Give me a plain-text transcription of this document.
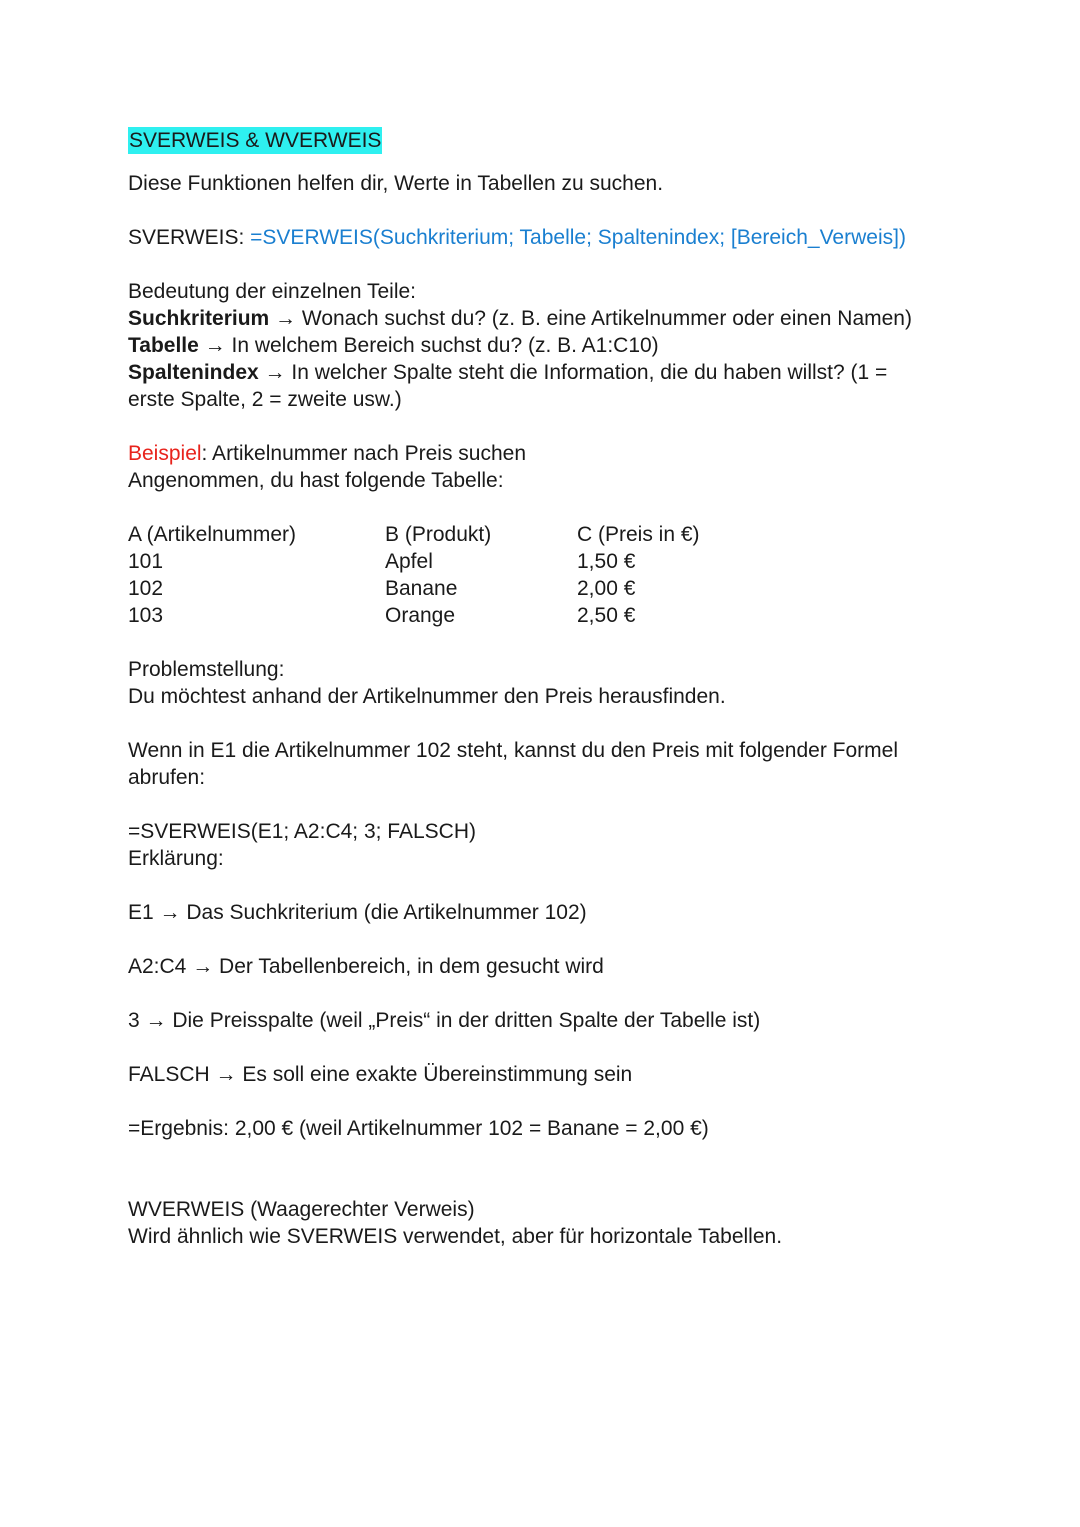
SVERWEIS & WVERWEIS
Diese Funktionen helfen dir, Werte in Tabellen zu suchen.
SVERWEIS: =SVERWEIS(Suchkriterium; Tabelle; Spaltenindex; [Bereich_Verweis])
Bedeutung der einzelnen Teile:
Suchkriterium → Wonach suchst du? (z. B. eine Artikelnummer oder einen Namen)
Tabelle → In welchem Bereich suchst du? (z. B. A1:C10)
Spaltenindex → In welcher Spalte steht die Information, die du haben willst? (1 = erste Spalte, 2 = zweite usw.)
Beispiel: Artikelnummer nach Preis suchen
Angenommen, du hast folgende Tabelle:
A (Artikelnummer)	B (Produkt)	C (Preis in €)
101	Apfel	1,50 €
102	Banane	2,00 €
103	Orange	2,50 €
Problemstellung:
Du möchtest anhand der Artikelnummer den Preis herausfinden.
Wenn in E1 die Artikelnummer 102 steht, kannst du den Preis mit folgender Formel abrufen:
=SVERWEIS(E1; A2:C4; 3; FALSCH)
Erklärung:
E1 → Das Suchkriterium (die Artikelnummer 102)
A2:C4 → Der Tabellenbereich, in dem gesucht wird
3 → Die Preisspalte (weil „Preis“ in der dritten Spalte der Tabelle ist)
FALSCH → Es soll eine exakte Übereinstimmung sein
=Ergebnis: 2,00 € (weil Artikelnummer 102 = Banane = 2,00 €)
WVERWEIS (Waagerechter Verweis)
Wird ähnlich wie SVERWEIS verwendet, aber für horizontale Tabellen.
